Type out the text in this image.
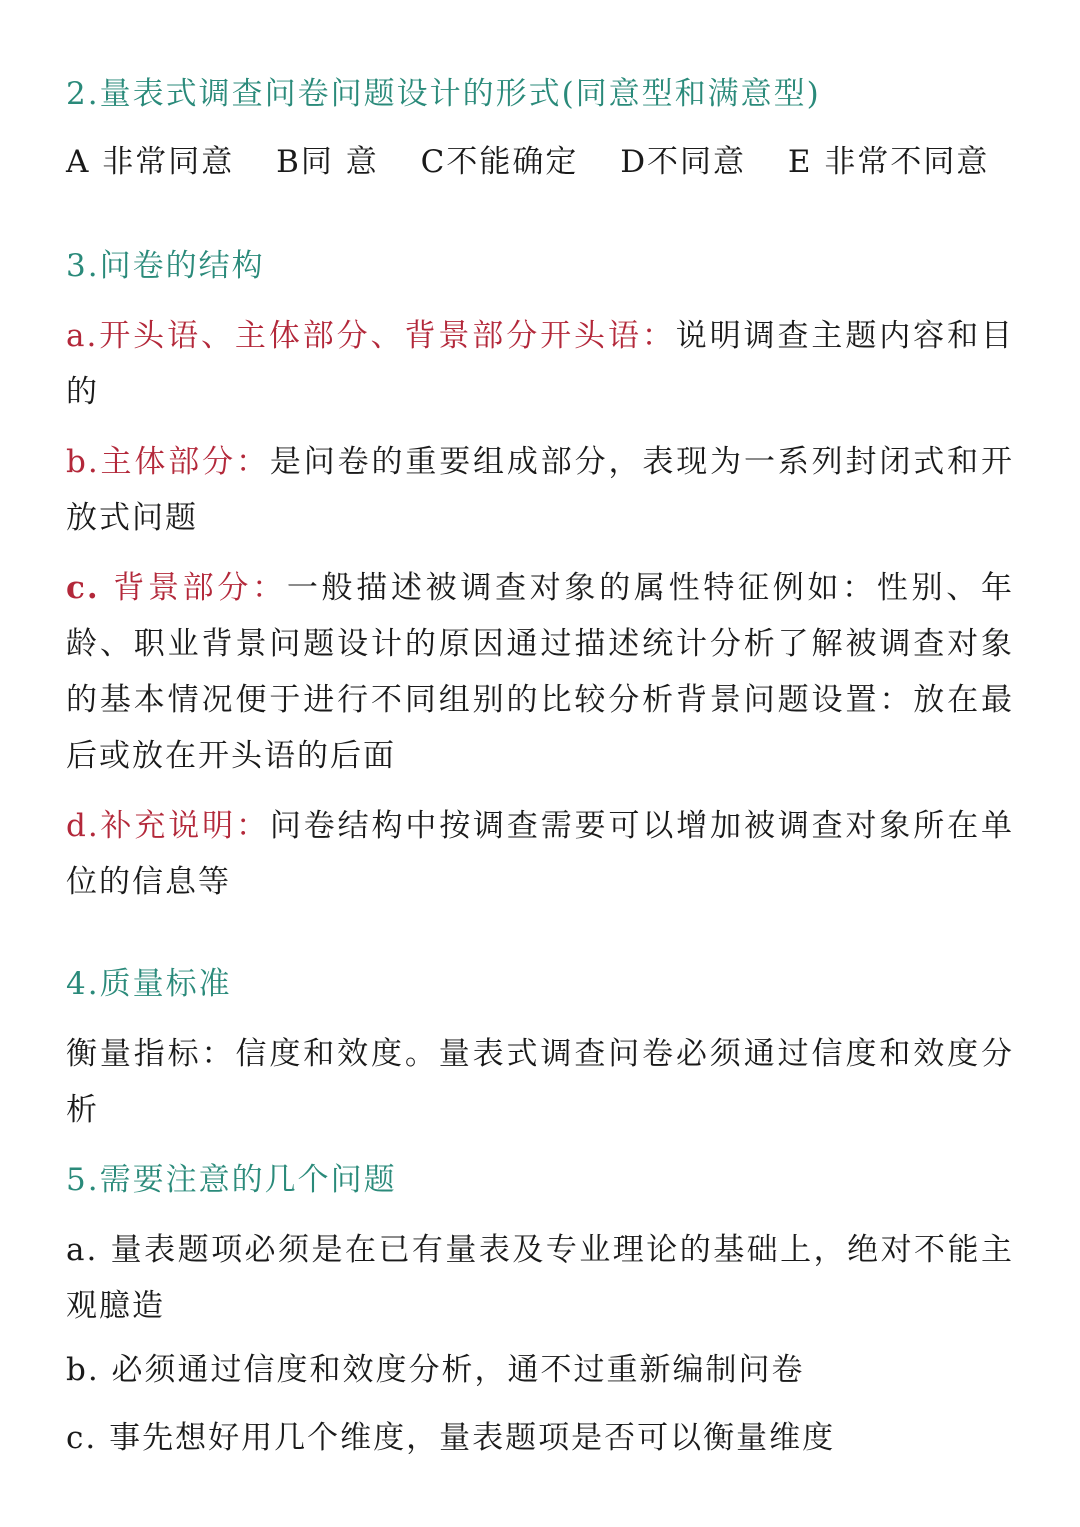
2.量表式调查问卷问题设计的形式(同意型和满意型)
A 非常同意 B同 意 C不能确定 D不同意 E 非常不同意
3.问卷的结构
a.开头语、主体部分、背景部分开头语：说明调查主题内容和目的
b.主体部分：是问卷的重要组成部分，表现为一系列封闭式和开放式问题
c. 背景部分：一般描述被调查对象的属性特征例如：性别、年龄、职业背景问题设计的原因通过描述统计分析了解被调查对象的基本情况便于进行不同组别的比较分析背景问题设置：放在最后或放在开头语的后面
d.补充说明：问卷结构中按调查需要可以增加被调查对象所在单位的信息等
4.质量标准
衡量指标：信度和效度。量表式调查问卷必须通过信度和效度分析
5.需要注意的几个问题
a. 量表题项必须是在已有量表及专业理论的基础上，绝对不能主观臆造
b. 必须通过信度和效度分析，通不过重新编制问卷
c. 事先想好用几个维度，量表题项是否可以衡量维度
